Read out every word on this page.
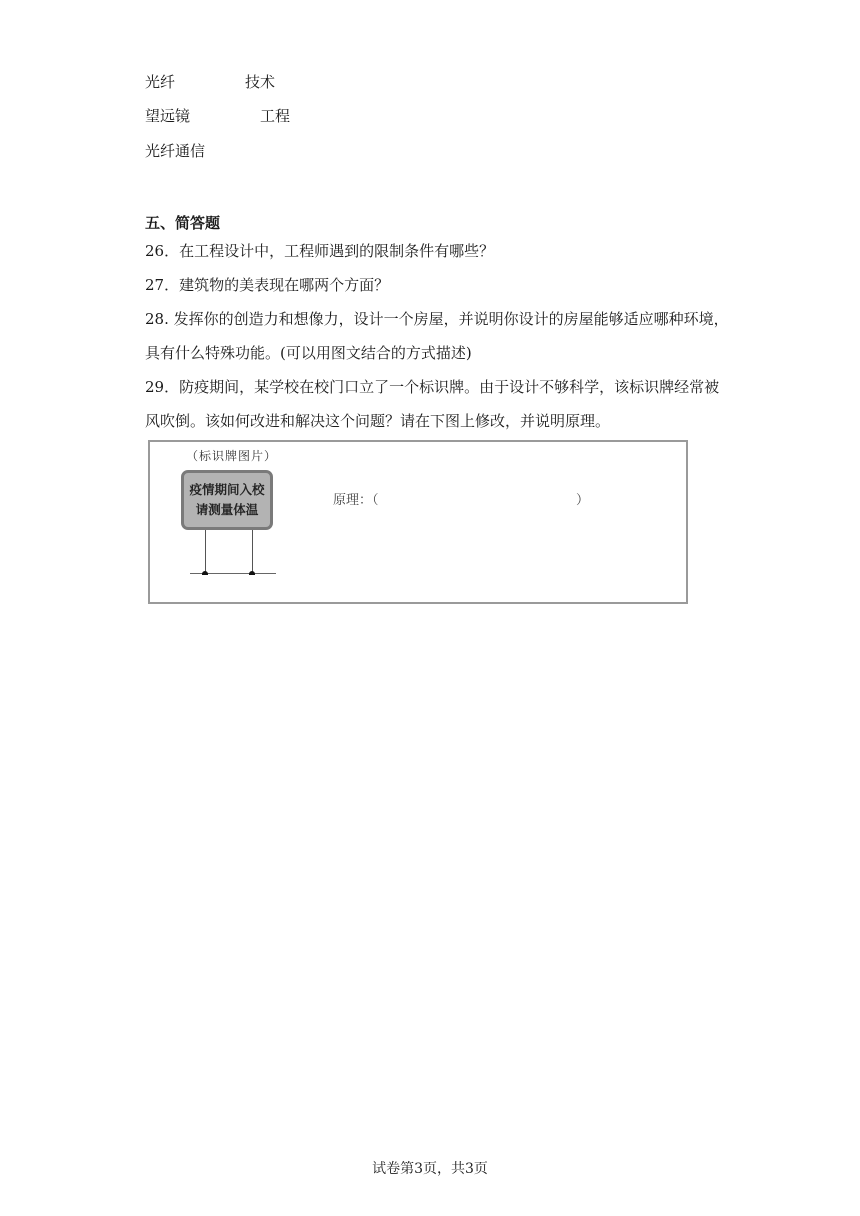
光纤	技术
望远镜	工程
光纤通信
五、简答题
26．在工程设计中，工程师遇到的限制条件有哪些？
27．建筑物的美表现在哪两个方面？
28. 发挥你的创造力和想像力，设计一个房屋，并说明你设计的房屋能够适应哪种环境，
具有什么特殊功能。(可以用图文结合的方式描述)
29．防疫期间，某学校在校门口立了一个标识牌。由于设计不够科学，该标识牌经常被
风吹倒。该如何改进和解决这个问题？请在下图上修改，并说明原理。
（标识牌图片）
疫情期间入校
请测量体温
原理：（	）
试卷第3页，共3页
